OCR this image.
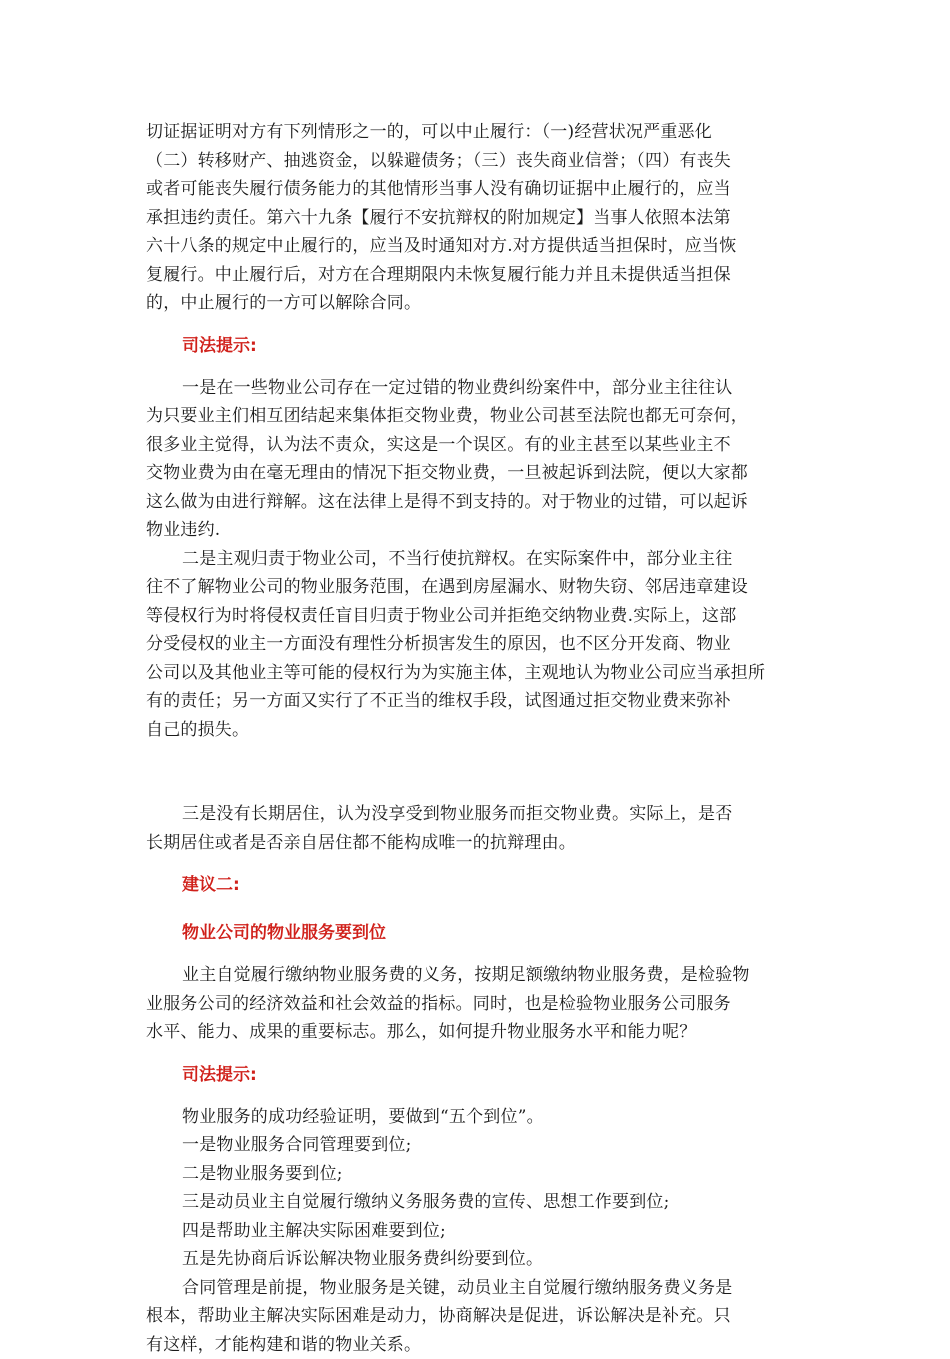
切证据证明对方有下列情形之一的，可以中止履行：（一)经营状况严重恶化
（二）转移财产、抽逃资金，以躲避债务；（三）丧失商业信誉；（四）有丧失
或者可能丧失履行债务能力的其他情形当事人没有确切证据中止履行的，应当
承担违约责任。第六十九条【履行不安抗辩权的附加规定】当事人依照本法第
六十八条的规定中止履行的，应当及时通知对方.对方提供适当担保时，应当恢
复履行。中止履行后，对方在合理期限内未恢复履行能力并且未提供适当担保
的，中止履行的一方可以解除合同。
司法提示:
一是在一些物业公司存在一定过错的物业费纠纷案件中，部分业主往往认
为只要业主们相互团结起来集体拒交物业费，物业公司甚至法院也都无可奈何，
很多业主觉得，认为法不责众，实这是一个误区。有的业主甚至以某些业主不
交物业费为由在毫无理由的情况下拒交物业费，一旦被起诉到法院，便以大家都
这么做为由进行辩解。这在法律上是得不到支持的。对于物业的过错，可以起诉
物业违约.
二是主观归责于物业公司，不当行使抗辩权。在实际案件中，部分业主往
往不了解物业公司的物业服务范围，在遇到房屋漏水、财物失窃、邻居违章建设
等侵权行为时将侵权责任盲目归责于物业公司并拒绝交纳物业费.实际上，这部
分受侵权的业主一方面没有理性分析损害发生的原因，也不区分开发商、物业
公司以及其他业主等可能的侵权行为为实施主体，主观地认为物业公司应当承担所
有的责任；另一方面又实行了不正当的维权手段，试图通过拒交物业费来弥补
自己的损失。
三是没有长期居住，认为没享受到物业服务而拒交物业费。实际上，是否
长期居住或者是否亲自居住都不能构成唯一的抗辩理由。
建议二:
物业公司的物业服务要到位
业主自觉履行缴纳物业服务费的义务，按期足额缴纳物业服务费，是检验物
业服务公司的经济效益和社会效益的指标。同时，也是检验物业服务公司服务
水平、能力、成果的重要标志。那么，如何提升物业服务水平和能力呢？
司法提示:
物业服务的成功经验证明，要做到“五个到位”。
一是物业服务合同管理要到位;
二是物业服务要到位;
三是动员业主自觉履行缴纳义务服务费的宣传、思想工作要到位;
四是帮助业主解决实际困难要到位;
五是先协商后诉讼解决物业服务费纠纷要到位。
合同管理是前提，物业服务是关键，动员业主自觉履行缴纳服务费义务是
根本，帮助业主解决实际困难是动力，协商解决是促进，诉讼解决是补充。只
有这样，才能构建和谐的物业关系。
